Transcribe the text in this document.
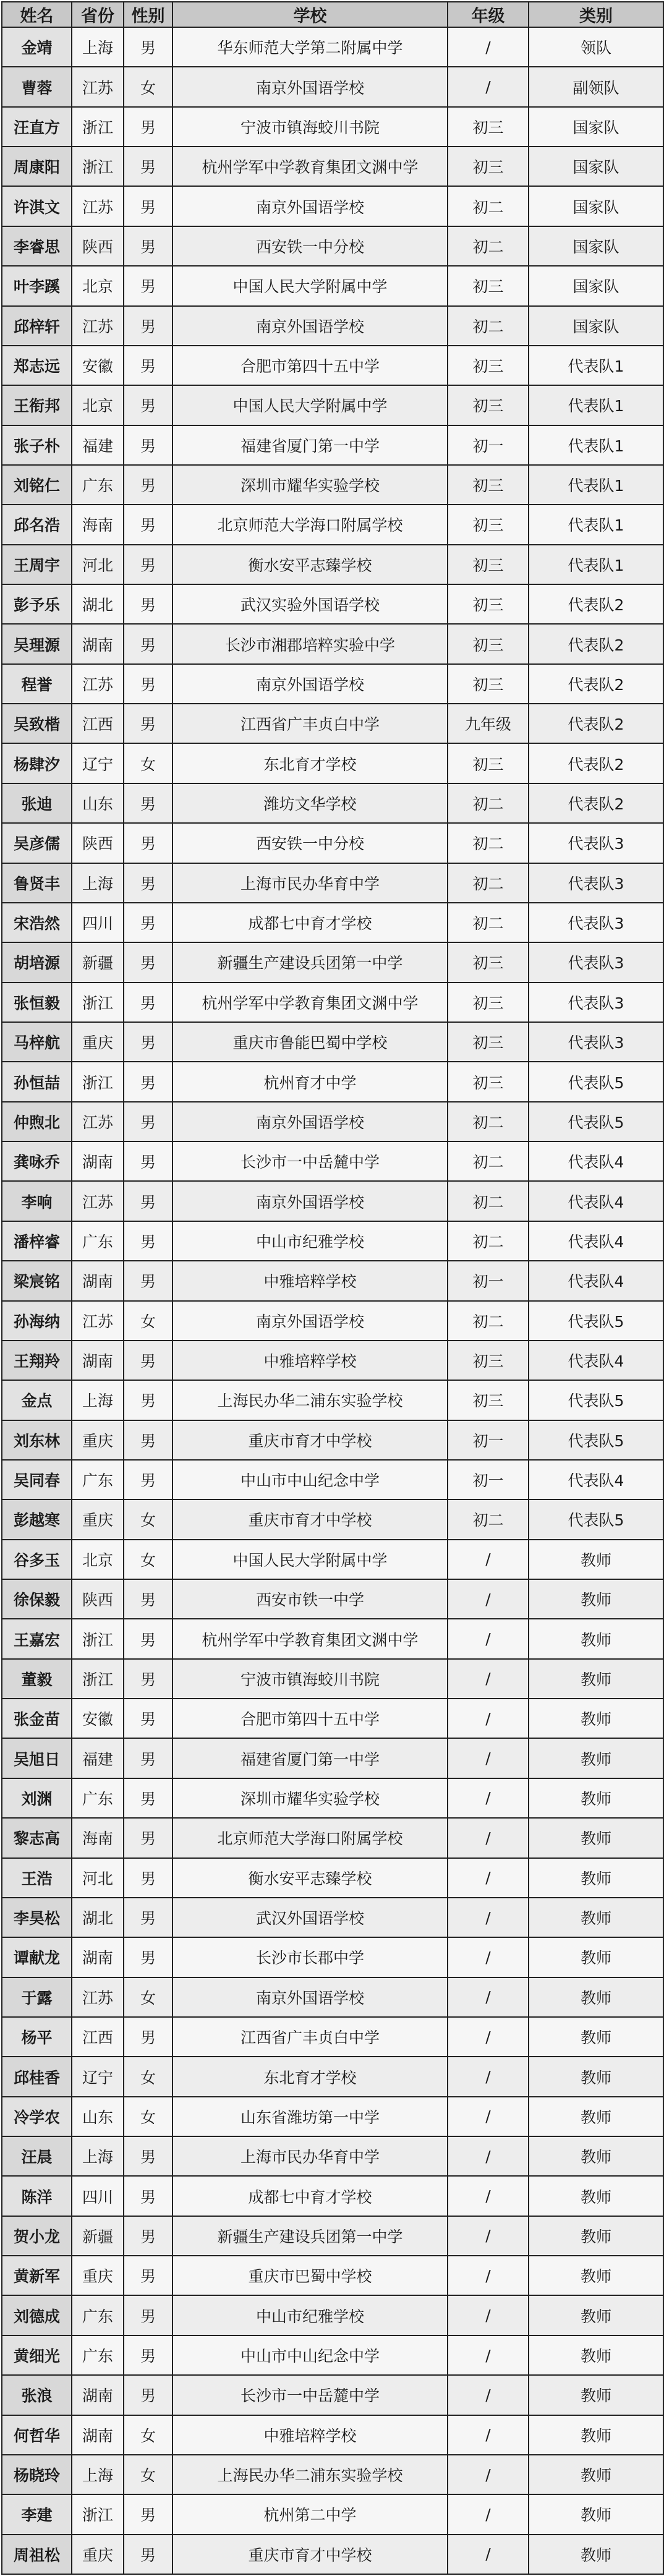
姓名	省份	性别	学校	年级	类别
金靖	上海	男	华东师范大学第二附属中学	/	领队
曹蓉	江苏	女	南京外国语学校	/	副领队
汪直方	浙江	男	宁波市镇海蛟川书院	初三	国家队
周康阳	浙江	男	杭州学军中学教育集团文渊中学	初三	国家队
许淇文	江苏	男	南京外国语学校	初二	国家队
李睿思	陕西	男	西安铁一中分校	初二	国家队
叶李蹊	北京	男	中国人民大学附属中学	初三	国家队
邱梓轩	江苏	男	南京外国语学校	初二	国家队
郑志远	安徽	男	合肥市第四十五中学	初三	代表队1
王衔邦	北京	男	中国人民大学附属中学	初三	代表队1
张子朴	福建	男	福建省厦门第一中学	初一	代表队1
刘铭仁	广东	男	深圳市耀华实验学校	初三	代表队1
邱名浩	海南	男	北京师范大学海口附属学校	初三	代表队1
王周宇	河北	男	衡水安平志臻学校	初三	代表队1
彭予乐	湖北	男	武汉实验外国语学校	初三	代表队2
吴理源	湖南	男	长沙市湘郡培粹实验中学	初三	代表队2
程誉	江苏	男	南京外国语学校	初三	代表队2
吴致楷	江西	男	江西省广丰贞白中学	九年级	代表队2
杨肆汐	辽宁	女	东北育才学校	初三	代表队2
张迪	山东	男	潍坊文华学校	初二	代表队2
吴彦儒	陕西	男	西安铁一中分校	初二	代表队3
鲁贤丰	上海	男	上海市民办华育中学	初二	代表队3
宋浩然	四川	男	成都七中育才学校	初二	代表队3
胡培源	新疆	男	新疆生产建设兵团第一中学	初三	代表队3
张恒毅	浙江	男	杭州学军中学教育集团文渊中学	初三	代表队3
马梓航	重庆	男	重庆市鲁能巴蜀中学校	初三	代表队3
孙恒喆	浙江	男	杭州育才中学	初三	代表队5
仲煦北	江苏	男	南京外国语学校	初二	代表队5
龚咏乔	湖南	男	长沙市一中岳麓中学	初二	代表队4
李响	江苏	男	南京外国语学校	初二	代表队4
潘梓睿	广东	男	中山市纪雅学校	初二	代表队4
梁宸铭	湖南	男	中雅培粹学校	初一	代表队4
孙海纳	江苏	女	南京外国语学校	初二	代表队5
王翔羚	湖南	男	中雅培粹学校	初三	代表队4
金点	上海	男	上海民办华二浦东实验学校	初三	代表队5
刘东林	重庆	男	重庆市育才中学校	初一	代表队5
吴同春	广东	男	中山市中山纪念中学	初一	代表队4
彭越寒	重庆	女	重庆市育才中学校	初二	代表队5
谷多玉	北京	女	中国人民大学附属中学	/	教师
徐保毅	陕西	男	西安市铁一中学	/	教师
王嘉宏	浙江	男	杭州学军中学教育集团文渊中学	/	教师
董毅	浙江	男	宁波市镇海蛟川书院	/	教师
张金苗	安徽	男	合肥市第四十五中学	/	教师
吴旭日	福建	男	福建省厦门第一中学	/	教师
刘渊	广东	男	深圳市耀华实验学校	/	教师
黎志高	海南	男	北京师范大学海口附属学校	/	教师
王浩	河北	男	衡水安平志臻学校	/	教师
李昊松	湖北	男	武汉外国语学校	/	教师
谭献龙	湖南	男	长沙市长郡中学	/	教师
于露	江苏	女	南京外国语学校	/	教师
杨平	江西	男	江西省广丰贞白中学	/	教师
邱桂香	辽宁	女	东北育才学校	/	教师
冷学农	山东	女	山东省潍坊第一中学	/	教师
汪晨	上海	男	上海市民办华育中学	/	教师
陈洋	四川	男	成都七中育才学校	/	教师
贺小龙	新疆	男	新疆生产建设兵团第一中学	/	教师
黄新军	重庆	男	重庆市巴蜀中学校	/	教师
刘德成	广东	男	中山市纪雅学校	/	教师
黄细光	广东	男	中山市中山纪念中学	/	教师
张浪	湖南	男	长沙市一中岳麓中学	/	教师
何哲华	湖南	女	中雅培粹学校	/	教师
杨晓玲	上海	女	上海民办华二浦东实验学校	/	教师
李建	浙江	男	杭州第二中学	/	教师
周祖松	重庆	男	重庆市育才中学校	/	教师
